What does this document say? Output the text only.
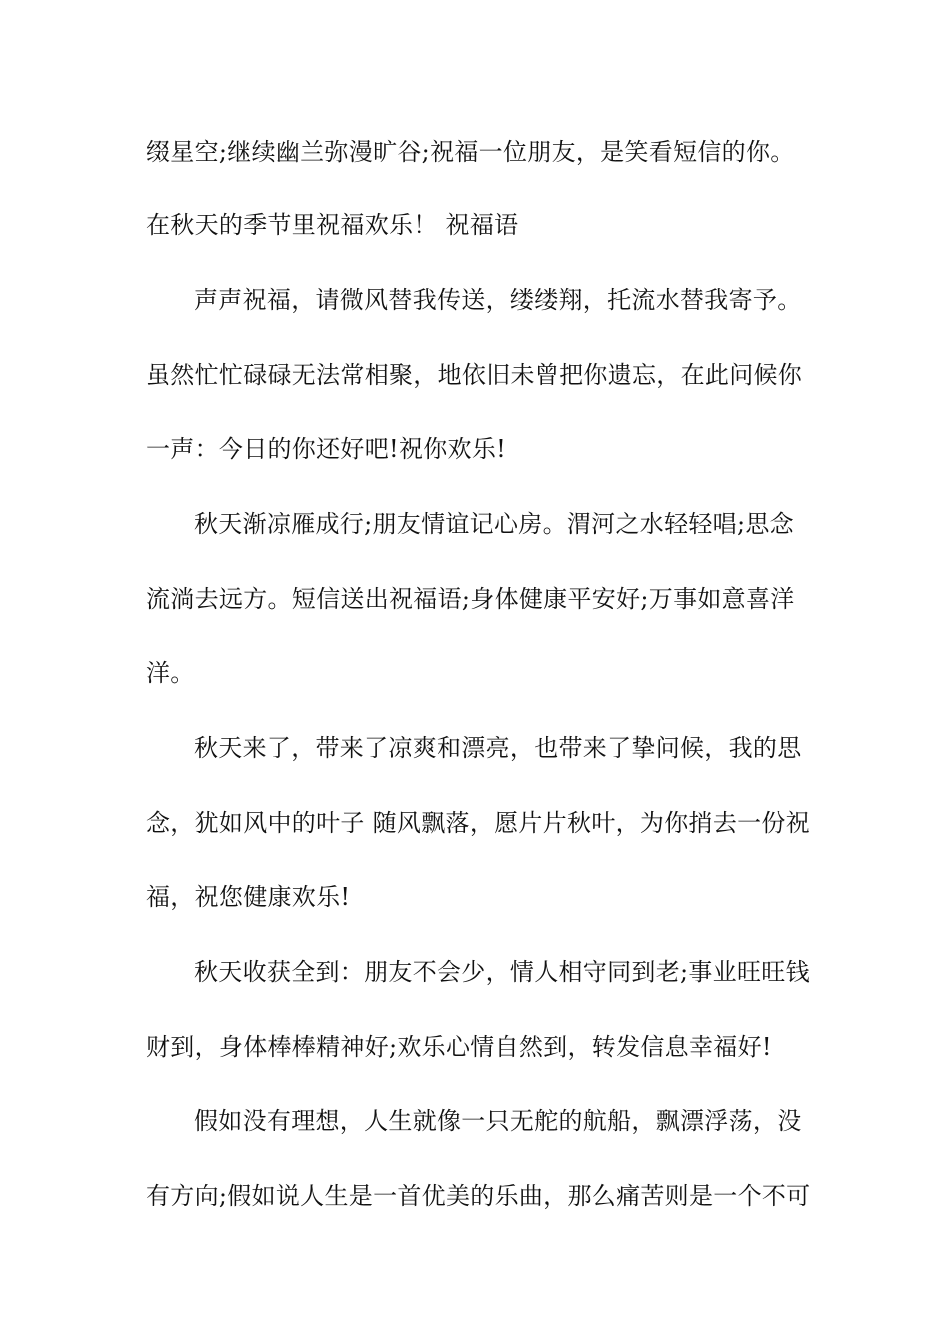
缀星空;继续幽兰弥漫旷谷;祝福一位朋友，是笑看短信的你。
在秋天的季节里祝福欢乐！ 祝福语
声声祝福，请微风替我传送，缕缕翔，托流水替我寄予。
虽然忙忙碌碌无法常相聚，地依旧未曾把你遗忘，在此问候你
一声：今日的你还好吧!祝你欢乐!
秋天渐凉雁成行;朋友情谊记心房。渭河之水轻轻唱;思念
流淌去远方。短信送出祝福语;身体健康平安好;万事如意喜洋
洋。
秋天来了，带来了凉爽和漂亮，也带来了挚问候，我的思
念，犹如风中的叶子 随风飘落，愿片片秋叶，为你捎去一份祝
福，祝您健康欢乐!
秋天收获全到：朋友不会少，情人相守同到老;事业旺旺钱
财到，身体棒棒精神好;欢乐心情自然到，转发信息幸福好!
假如没有理想，人生就像一只无舵的航船，飘漂浮荡，没
有方向;假如说人生是一首优美的乐曲，那么痛苦则是一个不可
